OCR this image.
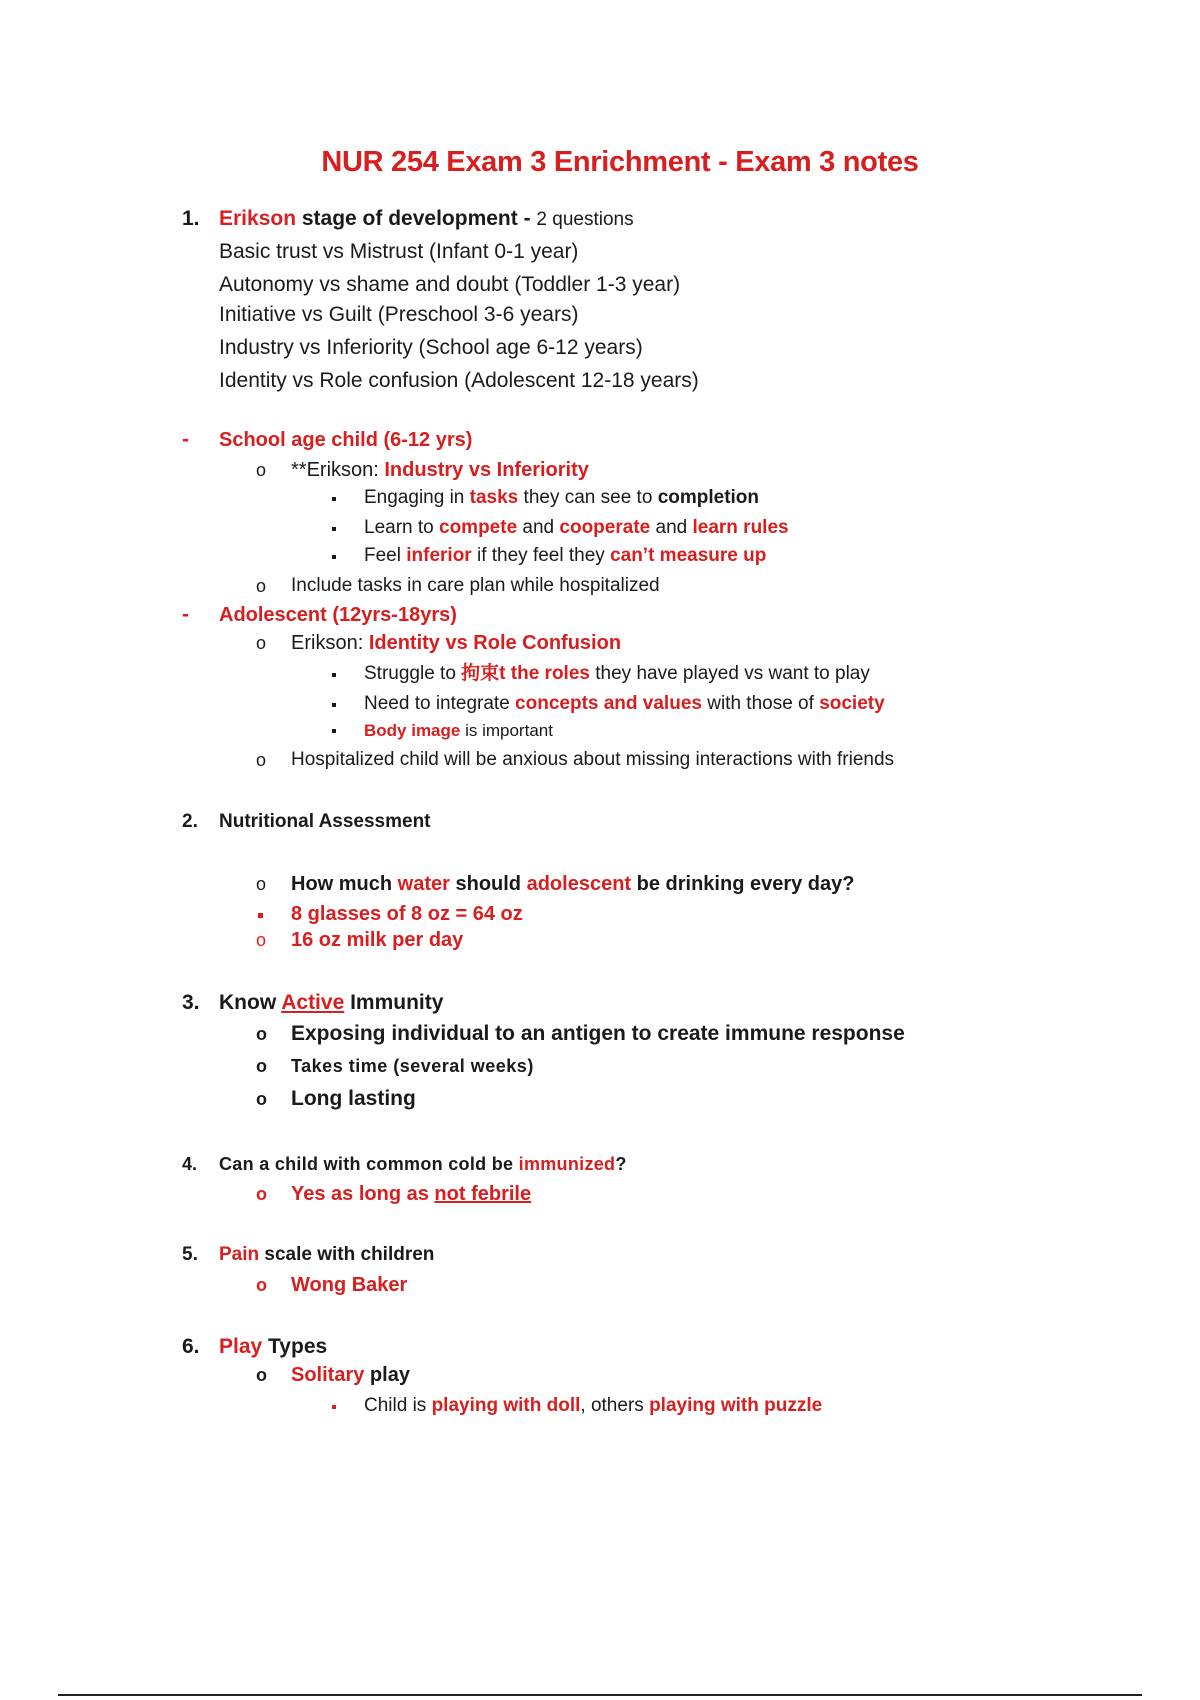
NUR 254 Exam 3 Enrichment - Exam 3 notes
1. Erikson stage of development - 2 questions
Basic trust vs Mistrust (Infant 0-1 year)
Autonomy vs shame and doubt (Toddler 1-3 year)
Initiative vs Guilt (Preschool 3-6 years)
Industry vs Inferiority (School age 6-12 years)
Identity vs Role confusion (Adolescent 12-18 years)
- School age child (6-12 yrs)
o **Erikson: Industry vs Inferiority
Engaging in tasks they can see to completion
Learn to compete and cooperate and learn rules
Feel inferior if they feel they can’t measure up
o Include tasks in care plan while hospitalized
- Adolescent (12yrs-18yrs)
o Erikson: Identity vs Role Confusion
Struggle to 拘束t the roles they have played vs want to play
Need to integrate concepts and values with those of society
Body image is important
o Hospitalized child will be anxious about missing interactions with friends
2. Nutritional Assessment
o How much water should adolescent be drinking every day?
8 glasses of 8 oz = 64 oz
o 16 oz milk per day
3. Know Active Immunity
o Exposing individual to an antigen to create immune response
o Takes time (several weeks)
o Long lasting
4. Can a child with common cold be immunized?
o Yes as long as not febrile
5. Pain scale with children
o Wong Baker
6. Play Types
o Solitary play
Child is playing with doll, others playing with puzzle
